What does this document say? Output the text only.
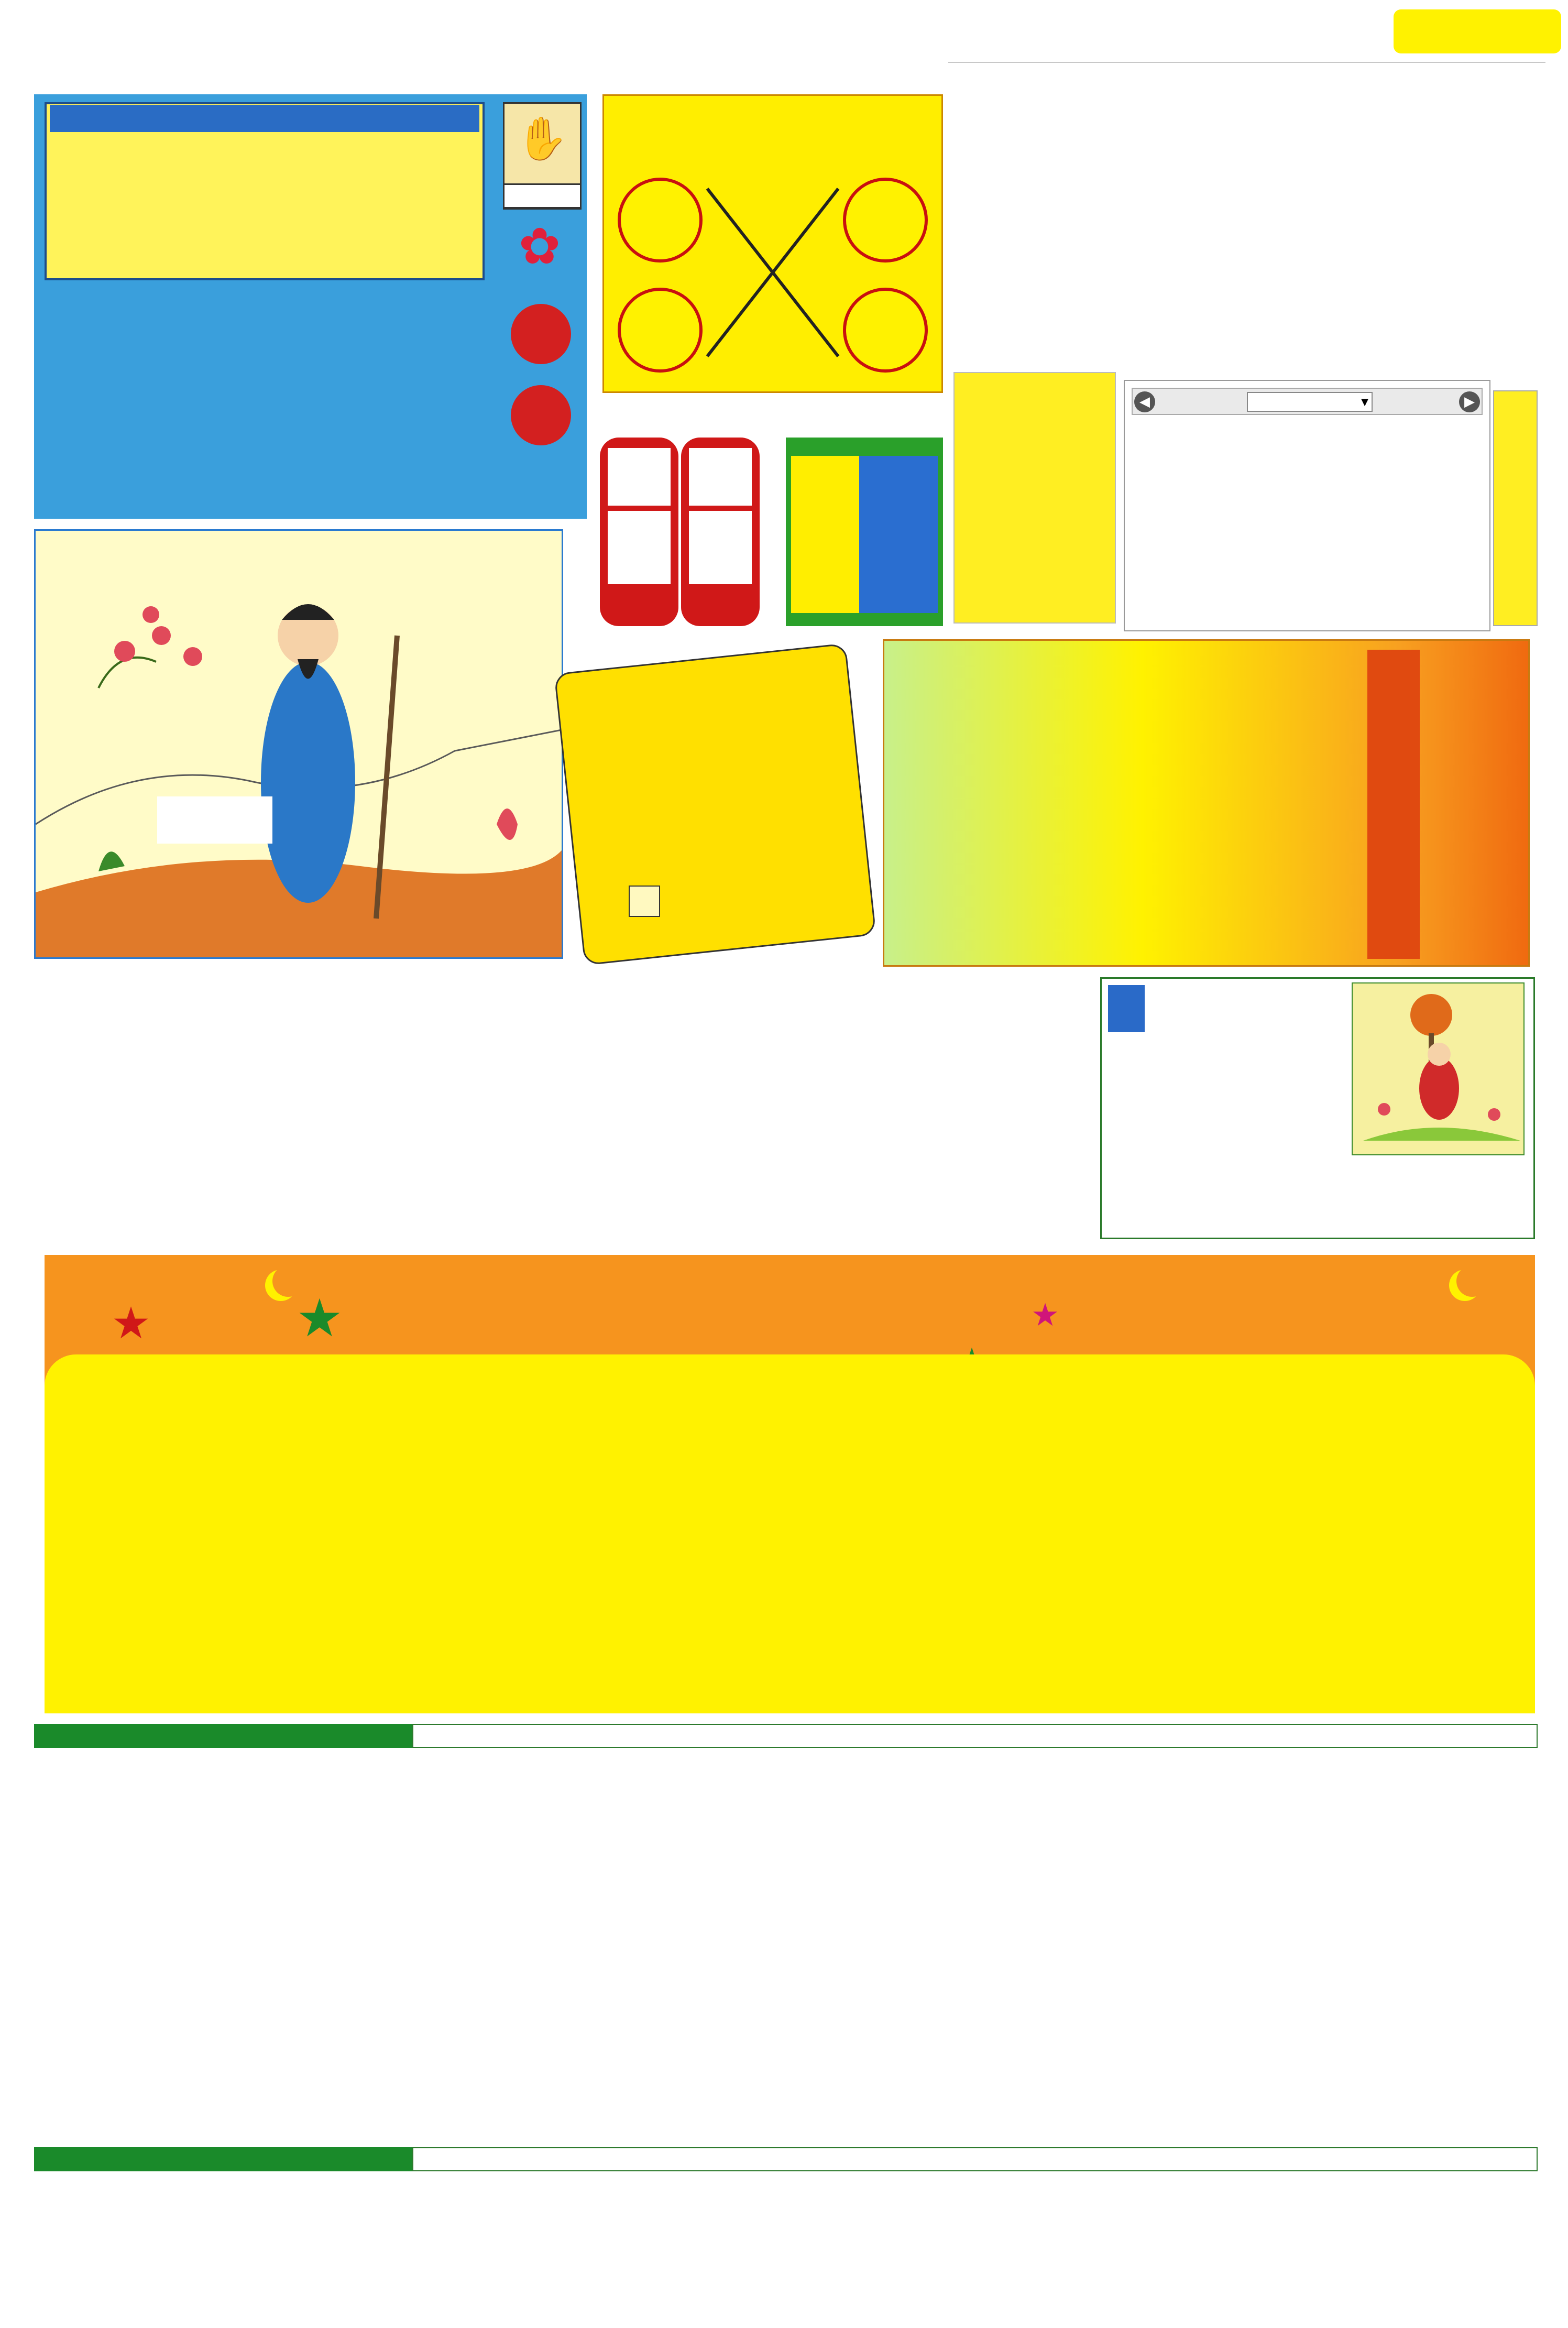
✋
✿
◀	▶
▼
★	★	★
